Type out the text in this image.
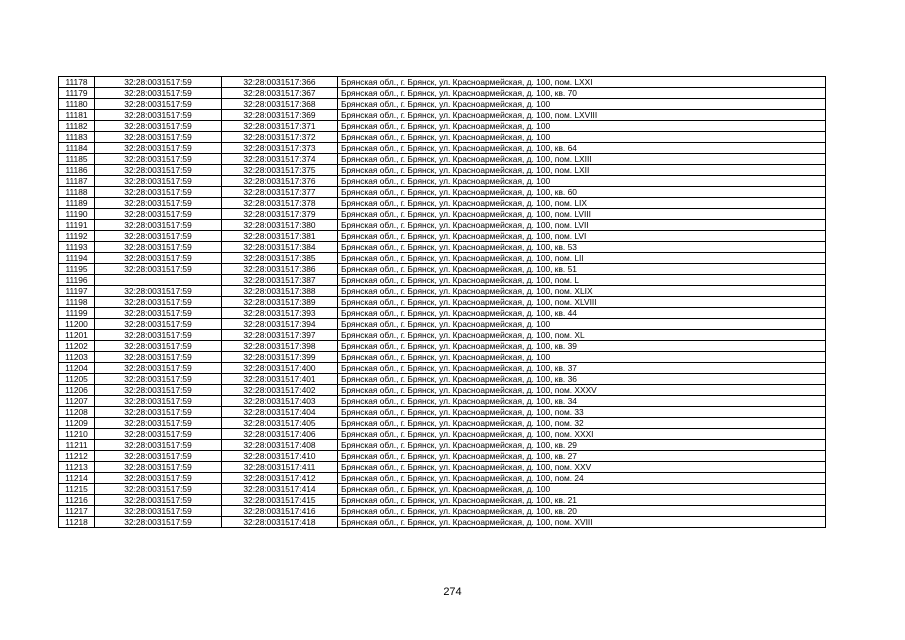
11178	32:28:0031517:59	32:28:0031517:366	Брянская обл., г. Брянск, ул. Красноармейская, д. 100, пом. LXXI
11179	32:28:0031517:59	32:28:0031517:367	Брянская обл., г. Брянск, ул. Красноармейская, д. 100, кв. 70
11180	32:28:0031517:59	32:28:0031517:368	Брянская обл., г. Брянск, ул. Красноармейская, д. 100
11181	32:28:0031517:59	32:28:0031517:369	Брянская обл., г. Брянск, ул. Красноармейская, д. 100, пом. LXVIII
11182	32:28:0031517:59	32:28:0031517:371	Брянская обл., г. Брянск, ул. Красноармейская, д. 100
11183	32:28:0031517:59	32:28:0031517:372	Брянская обл., г. Брянск, ул. Красноармейская, д. 100
11184	32:28:0031517:59	32:28:0031517:373	Брянская обл., г. Брянск, ул. Красноармейская, д. 100, кв. 64
11185	32:28:0031517:59	32:28:0031517:374	Брянская обл., г. Брянск, ул. Красноармейская, д. 100, пом. LXIII
11186	32:28:0031517:59	32:28:0031517:375	Брянская обл., г. Брянск, ул. Красноармейская, д. 100, пом. LXII
11187	32:28:0031517:59	32:28:0031517:376	Брянская обл., г. Брянск, ул. Красноармейская, д. 100
11188	32:28:0031517:59	32:28:0031517:377	Брянская обл., г. Брянск, ул. Красноармейская, д. 100, кв. 60
11189	32:28:0031517:59	32:28:0031517:378	Брянская обл., г. Брянск, ул. Красноармейская, д. 100, пом. LIX
11190	32:28:0031517:59	32:28:0031517:379	Брянская обл., г. Брянск, ул. Красноармейская, д. 100, пом. LVIII
11191	32:28:0031517:59	32:28:0031517:380	Брянская обл., г. Брянск, ул. Красноармейская, д. 100, пом. LVII
11192	32:28:0031517:59	32:28:0031517:381	Брянская обл., г. Брянск, ул. Красноармейская, д. 100, пом. LVI
11193	32:28:0031517:59	32:28:0031517:384	Брянская обл., г. Брянск, ул. Красноармейская, д. 100, кв. 53
11194	32:28:0031517:59	32:28:0031517:385	Брянская обл., г. Брянск, ул. Красноармейская, д. 100, пом. LII
11195	32:28:0031517:59	32:28:0031517:386	Брянская обл., г. Брянск, ул. Красноармейская, д. 100, кв. 51
11196		32:28:0031517:387	Брянская обл., г. Брянск, ул. Красноармейская, д. 100, пом. L
11197	32:28:0031517:59	32:28:0031517:388	Брянская обл., г. Брянск, ул. Красноармейская, д. 100, пом. XLIX
11198	32:28:0031517:59	32:28:0031517:389	Брянская обл., г. Брянск, ул. Красноармейская, д. 100, пом. XLVIII
11199	32:28:0031517:59	32:28:0031517:393	Брянская обл., г. Брянск, ул. Красноармейская, д. 100, кв. 44
11200	32:28:0031517:59	32:28:0031517:394	Брянская обл., г. Брянск, ул. Красноармейская, д. 100
11201	32:28:0031517:59	32:28:0031517:397	Брянская обл., г. Брянск, ул. Красноармейская, д. 100, пом. XL
11202	32:28:0031517:59	32:28:0031517:398	Брянская обл., г. Брянск, ул. Красноармейская, д. 100, кв. 39
11203	32:28:0031517:59	32:28:0031517:399	Брянская обл., г. Брянск, ул. Красноармейская, д. 100
11204	32:28:0031517:59	32:28:0031517:400	Брянская обл., г. Брянск, ул. Красноармейская, д. 100, кв. 37
11205	32:28:0031517:59	32:28:0031517:401	Брянская обл., г. Брянск, ул. Красноармейская, д. 100, кв. 36
11206	32:28:0031517:59	32:28:0031517:402	Брянская обл., г. Брянск, ул. Красноармейская, д. 100, пом. XXXV
11207	32:28:0031517:59	32:28:0031517:403	Брянская обл., г. Брянск, ул. Красноармейская, д. 100, кв. 34
11208	32:28:0031517:59	32:28:0031517:404	Брянская обл., г. Брянск, ул. Красноармейская, д. 100, пом. 33
11209	32:28:0031517:59	32:28:0031517:405	Брянская обл., г. Брянск, ул. Красноармейская, д. 100, пом. 32
11210	32:28:0031517:59	32:28:0031517:406	Брянская обл., г. Брянск, ул. Красноармейская, д. 100, пом. XXXI
11211	32:28:0031517:59	32:28:0031517:408	Брянская обл., г. Брянск, ул. Красноармейская, д. 100, кв. 29
11212	32:28:0031517:59	32:28:0031517:410	Брянская обл., г. Брянск, ул. Красноармейская, д. 100, кв. 27
11213	32:28:0031517:59	32:28:0031517:411	Брянская обл., г. Брянск, ул. Красноармейская, д. 100, пом. XXV
11214	32:28:0031517:59	32:28:0031517:412	Брянская обл., г. Брянск, ул. Красноармейская, д. 100, пом. 24
11215	32:28:0031517:59	32:28:0031517:414	Брянская обл., г. Брянск, ул. Красноармейская, д. 100
11216	32:28:0031517:59	32:28:0031517:415	Брянская обл., г. Брянск, ул. Красноармейская, д. 100, кв. 21
11217	32:28:0031517:59	32:28:0031517:416	Брянская обл., г. Брянск, ул. Красноармейская, д. 100, кв. 20
11218	32:28:0031517:59	32:28:0031517:418	Брянская обл., г. Брянск, ул. Красноармейская, д. 100, пом. XVIII
274
